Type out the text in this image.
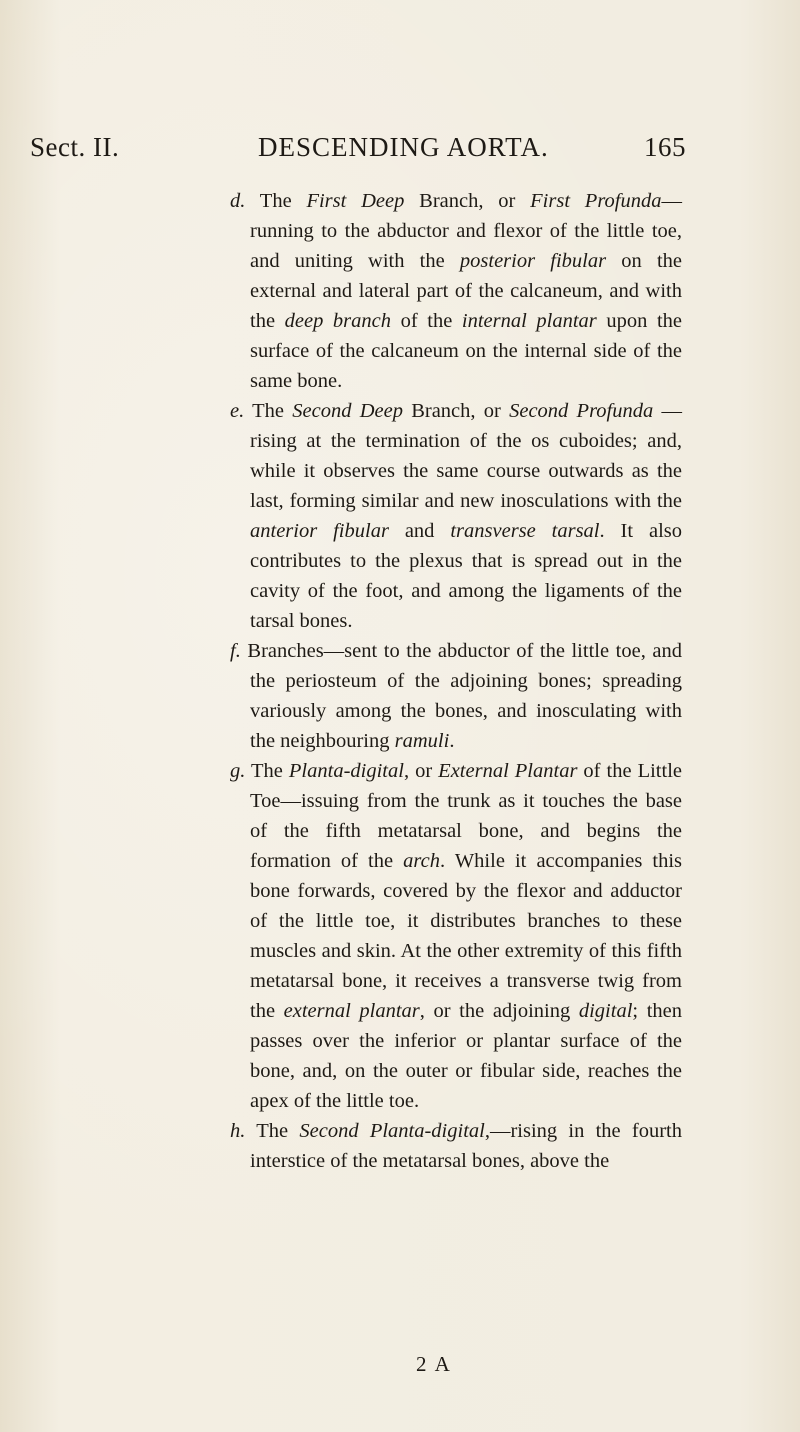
Sect. II.	DESCENDING AORTA.	165

d. The First Deep Branch, or First Profunda— running to the abductor and flexor of the little toe, and uniting with the posterior fibular on the external and lateral part of the calcaneum, and with the deep branch of the internal plantar upon the surface of the calcaneum on the internal side of the same bone.

e. The Second Deep Branch, or Second Profunda —rising at the termination of the os cuboides; and, while it observes the same course outwards as the last, forming similar and new inosculations with the anterior fibular and transverse tarsal. It also contributes to the plexus that is spread out in the cavity of the foot, and among the ligaments of the tarsal bones.

f. Branches—sent to the abductor of the little toe, and the periosteum of the adjoining bones; spreading variously among the bones, and inosculating with the neighbouring ramuli.

g. The Planta-digital, or External Plantar of the Little Toe—issuing from the trunk as it touches the base of the fifth metatarsal bone, and begins the formation of the arch. While it accompanies this bone forwards, covered by the flexor and adductor of the little toe, it distributes branches to these muscles and skin. At the other extremity of this fifth metatarsal bone, it receives a transverse twig from the external plantar, or the adjoining digital; then passes over the inferior or plantar surface of the bone, and, on the outer or fibular side, reaches the apex of the little toe.

h. The Second Planta-digital,—rising in the fourth interstice of the metatarsal bones, above the

2 A
